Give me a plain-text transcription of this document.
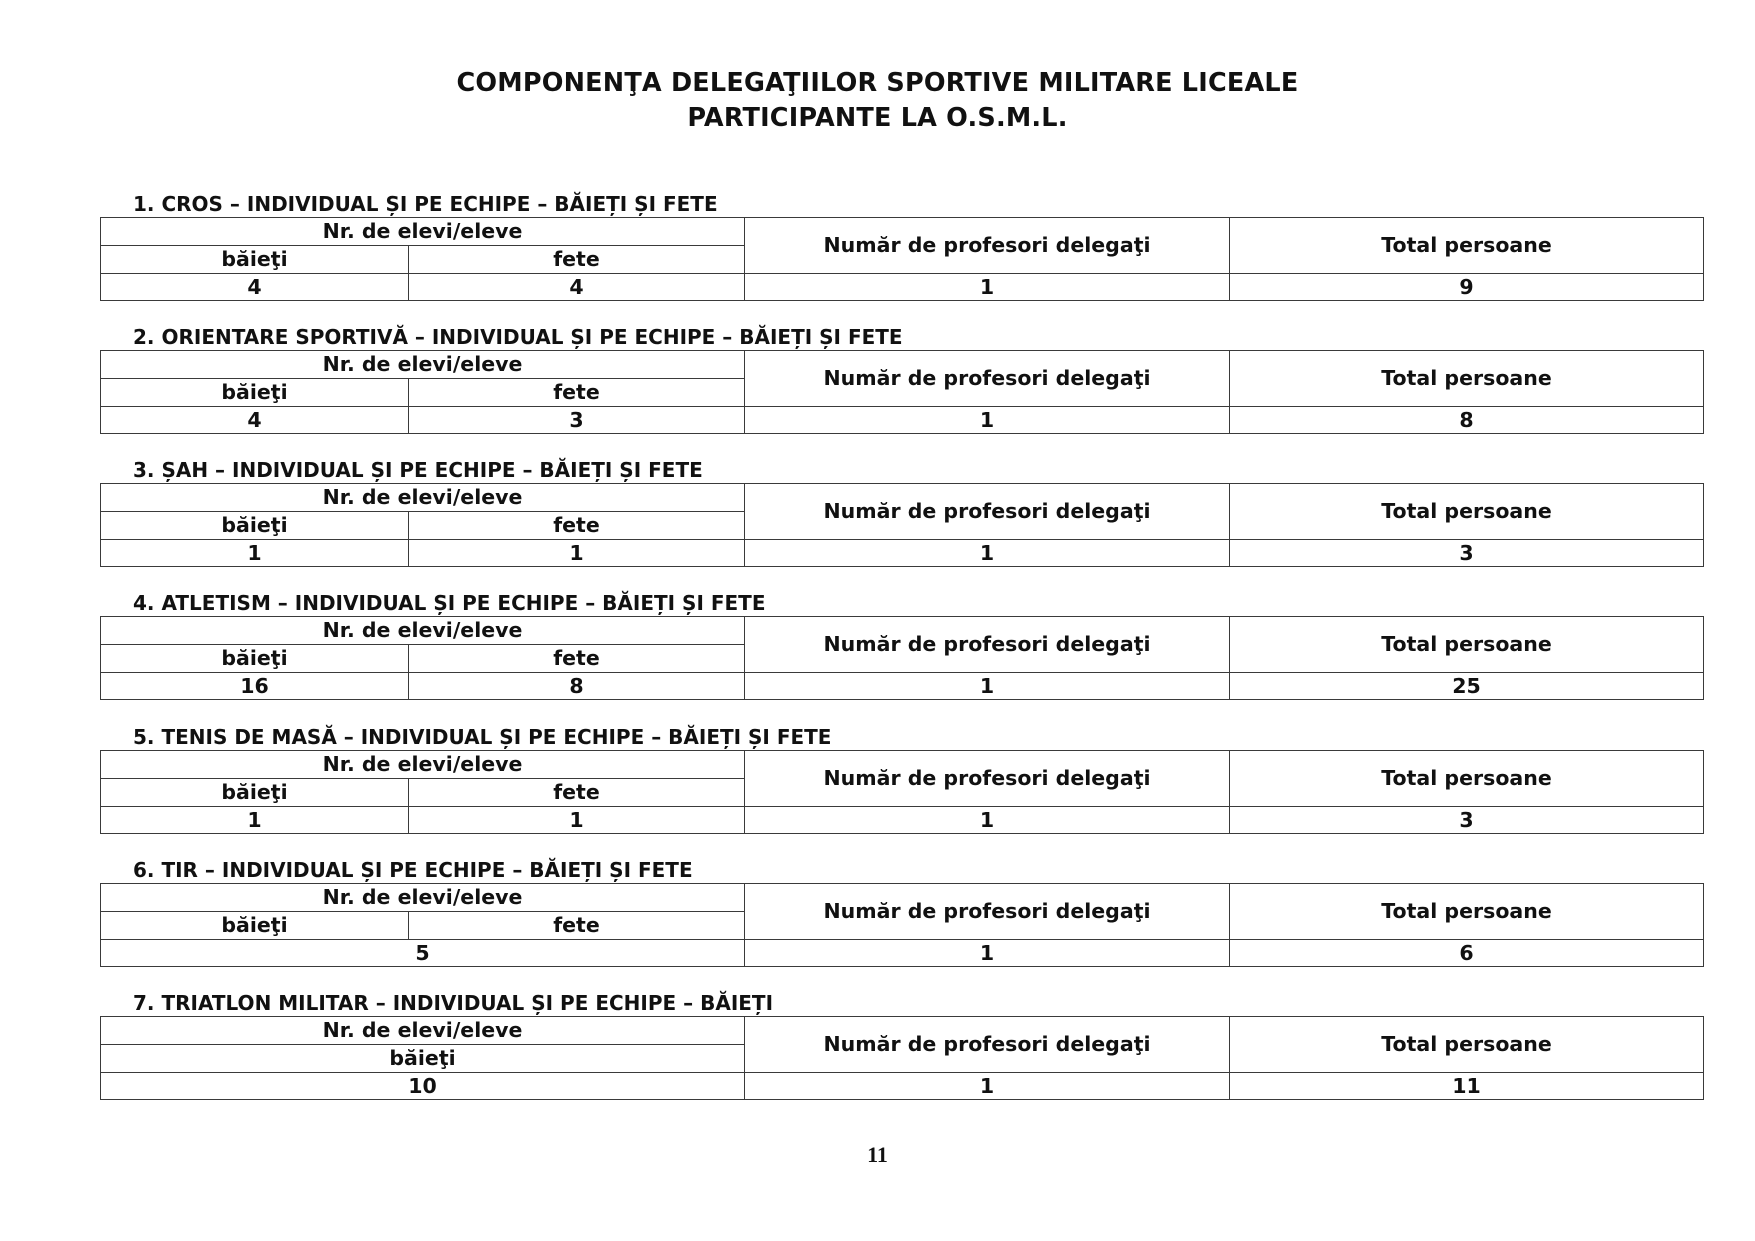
COMPONENŢA DELEGAŢIILOR SPORTIVE MILITARE LICEALE
PARTICIPANTE LA O.S.M.L.
1. CROS – INDIVIDUAL ȘI PE ECHIPE – BĂIEȚI ȘI FETE
Nr. de elevi/eleve		Număr de profesori delegaţi	Total persoane
băieţi	fete		
4	4	1	9
2. ORIENTARE SPORTIVĂ – INDIVIDUAL ȘI PE ECHIPE – BĂIEȚI ȘI FETE
Nr. de elevi/eleve		Număr de profesori delegaţi	Total persoane
băieţi	fete		
4	3	1	8
3. ȘAH – INDIVIDUAL ȘI PE ECHIPE – BĂIEȚI ȘI FETE
Nr. de elevi/eleve		Număr de profesori delegaţi	Total persoane
băieţi	fete		
1	1	1	3
4. ATLETISM – INDIVIDUAL ȘI PE ECHIPE – BĂIEȚI ȘI FETE
Nr. de elevi/eleve		Număr de profesori delegaţi	Total persoane
băieţi	fete		
16	8	1	25
5. TENIS DE MASĂ – INDIVIDUAL ȘI PE ECHIPE – BĂIEȚI ȘI FETE
Nr. de elevi/eleve		Număr de profesori delegaţi	Total persoane
băieţi	fete		
1	1	1	3
6. TIR – INDIVIDUAL ȘI PE ECHIPE – BĂIEȚI ȘI FETE
Nr. de elevi/eleve		Număr de profesori delegaţi	Total persoane
băieţi	fete		
5		1	6
7. TRIATLON MILITAR – INDIVIDUAL ȘI PE ECHIPE – BĂIEȚI
Nr. de elevi/eleve	Număr de profesori delegaţi	Total persoane
băieţi		
10	1	11
11
